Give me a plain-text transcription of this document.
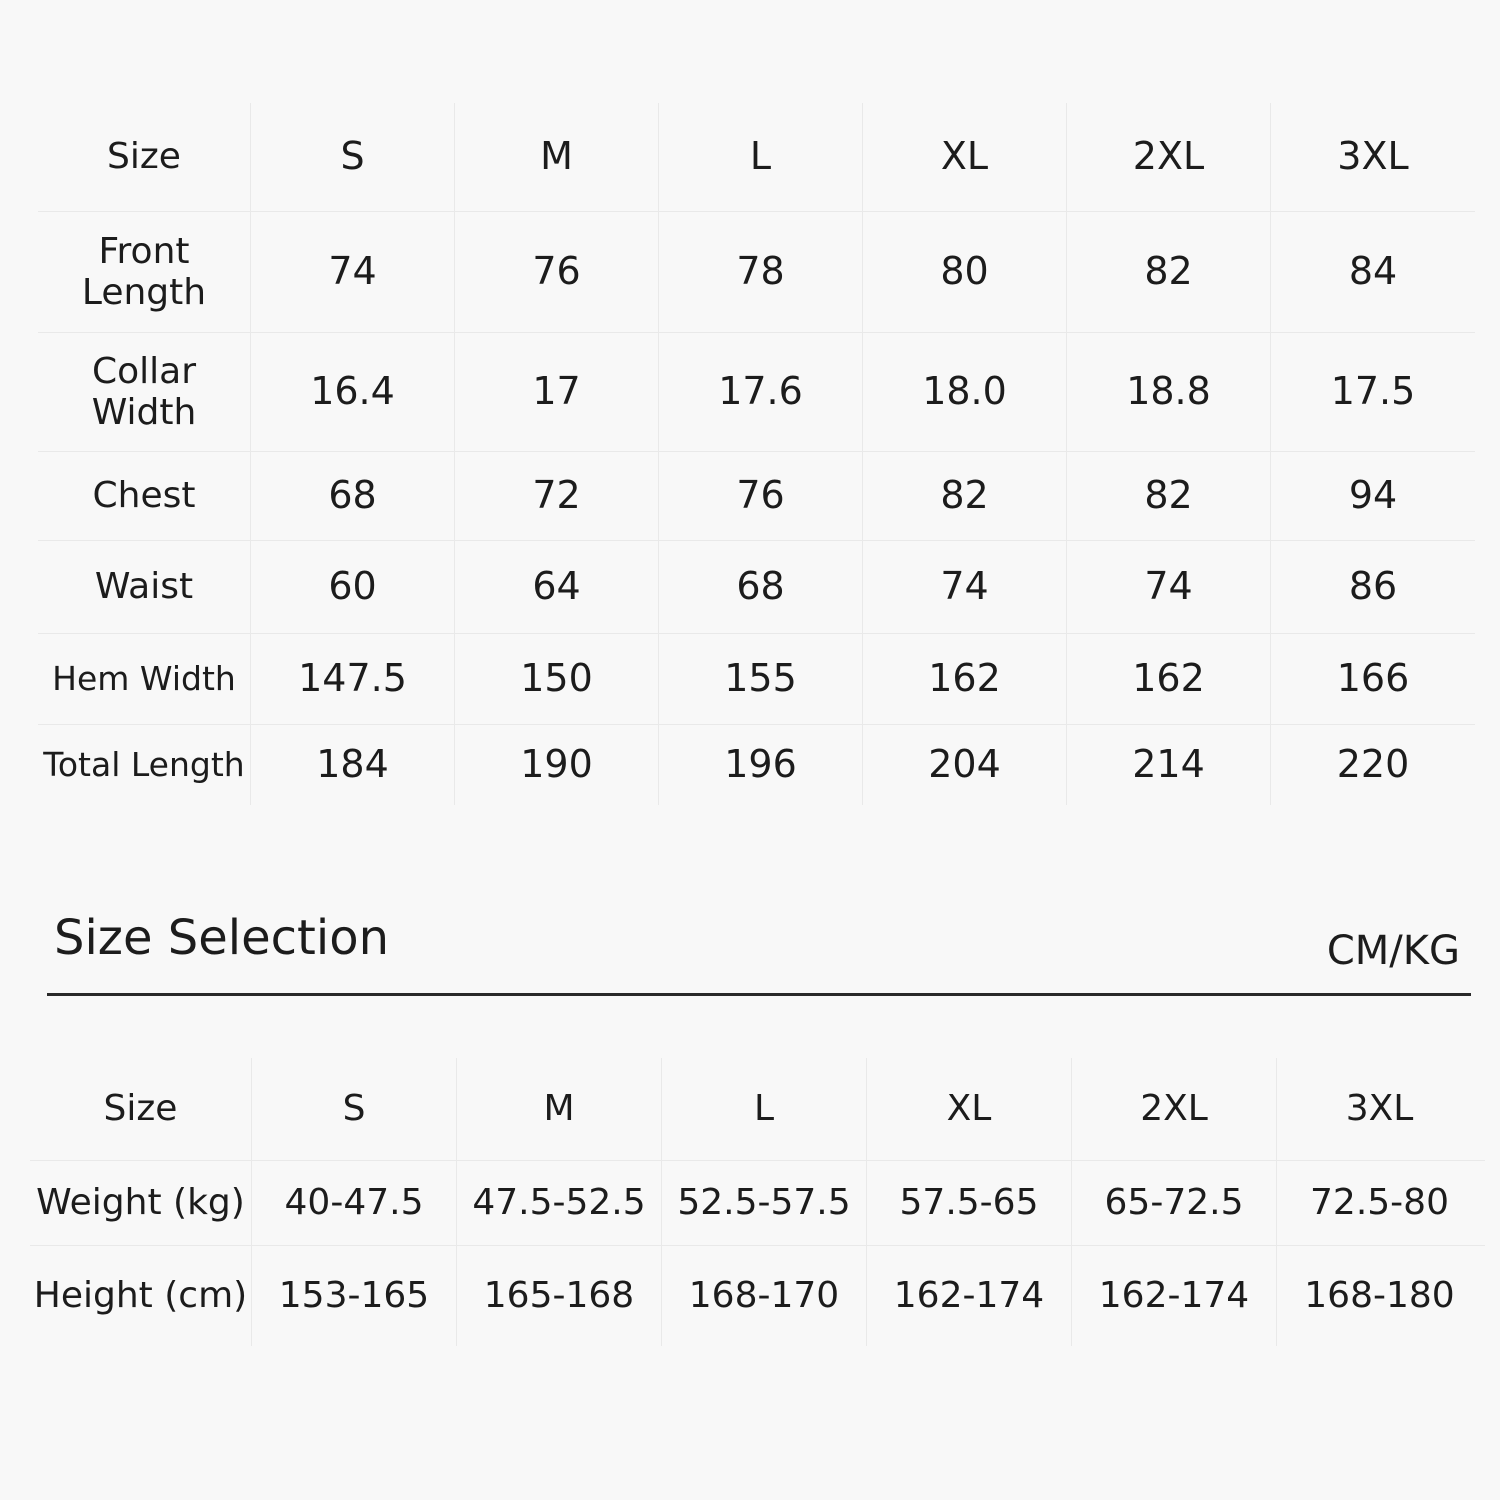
Size	S	M	L	XL	2XL	3XL
Front
Length	74	76	78	80	82	84
Collar
Width	16.4	17	17.6	18.0	18.8	17.5
Chest	68	72	76	82	82	94
Waist	60	64	68	74	74	86
Hem Width	147.5	150	155	162	162	166
Total Length	184	190	196	204	214	220
Size Selection	CM/KG
Size	S	M	L	XL	2XL	3XL
Weight (kg)	40-47.5	47.5-52.5 52.5-57.5	57.5-65	65-72.5	72.5-80
Height (cm) 153-165	165-168	168-170	162-174	162-174	168-180
